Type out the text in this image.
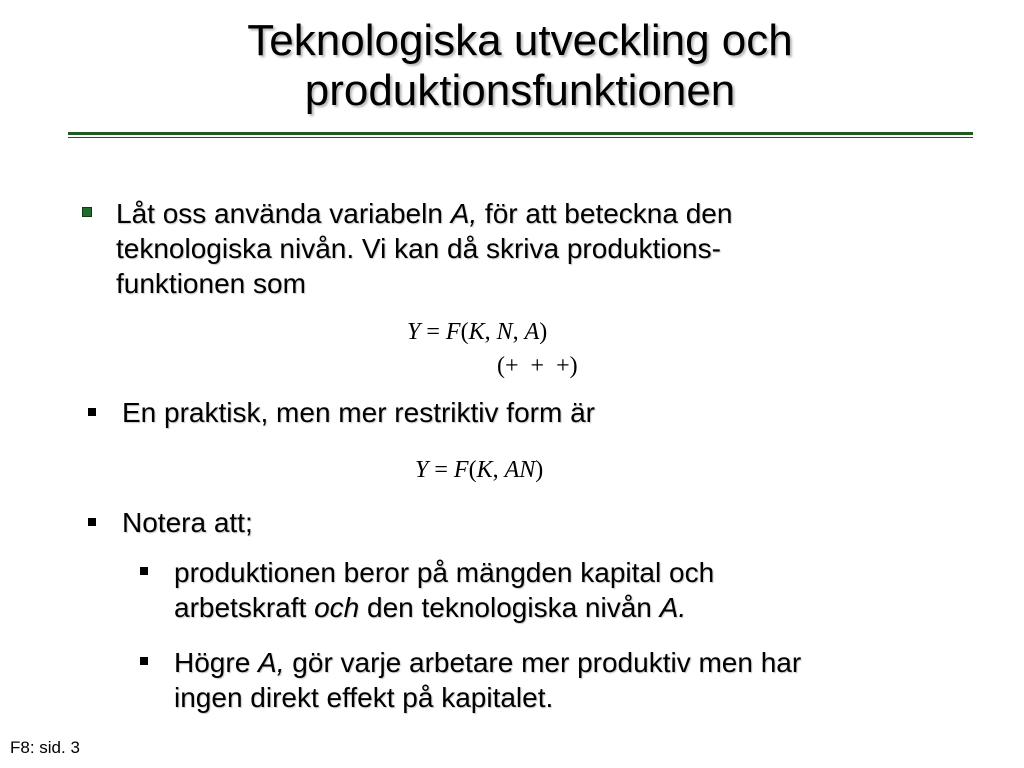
Teknologiska utveckling och
produktionsfunktionen
Låt oss använda variabeln A, för att beteckna den
teknologiska nivån. Vi kan då skriva produktions-
funktionen som
Y = F(K, N, A)
(+  +  +)
En praktisk, men mer restriktiv form är
Y = F(K, AN)
Notera att;
produktionen beror på mängden kapital och
arbetskraft och den teknologiska nivån A.
Högre A, gör varje arbetare mer produktiv men har
ingen direkt effekt på kapitalet.
F8: sid. 3
